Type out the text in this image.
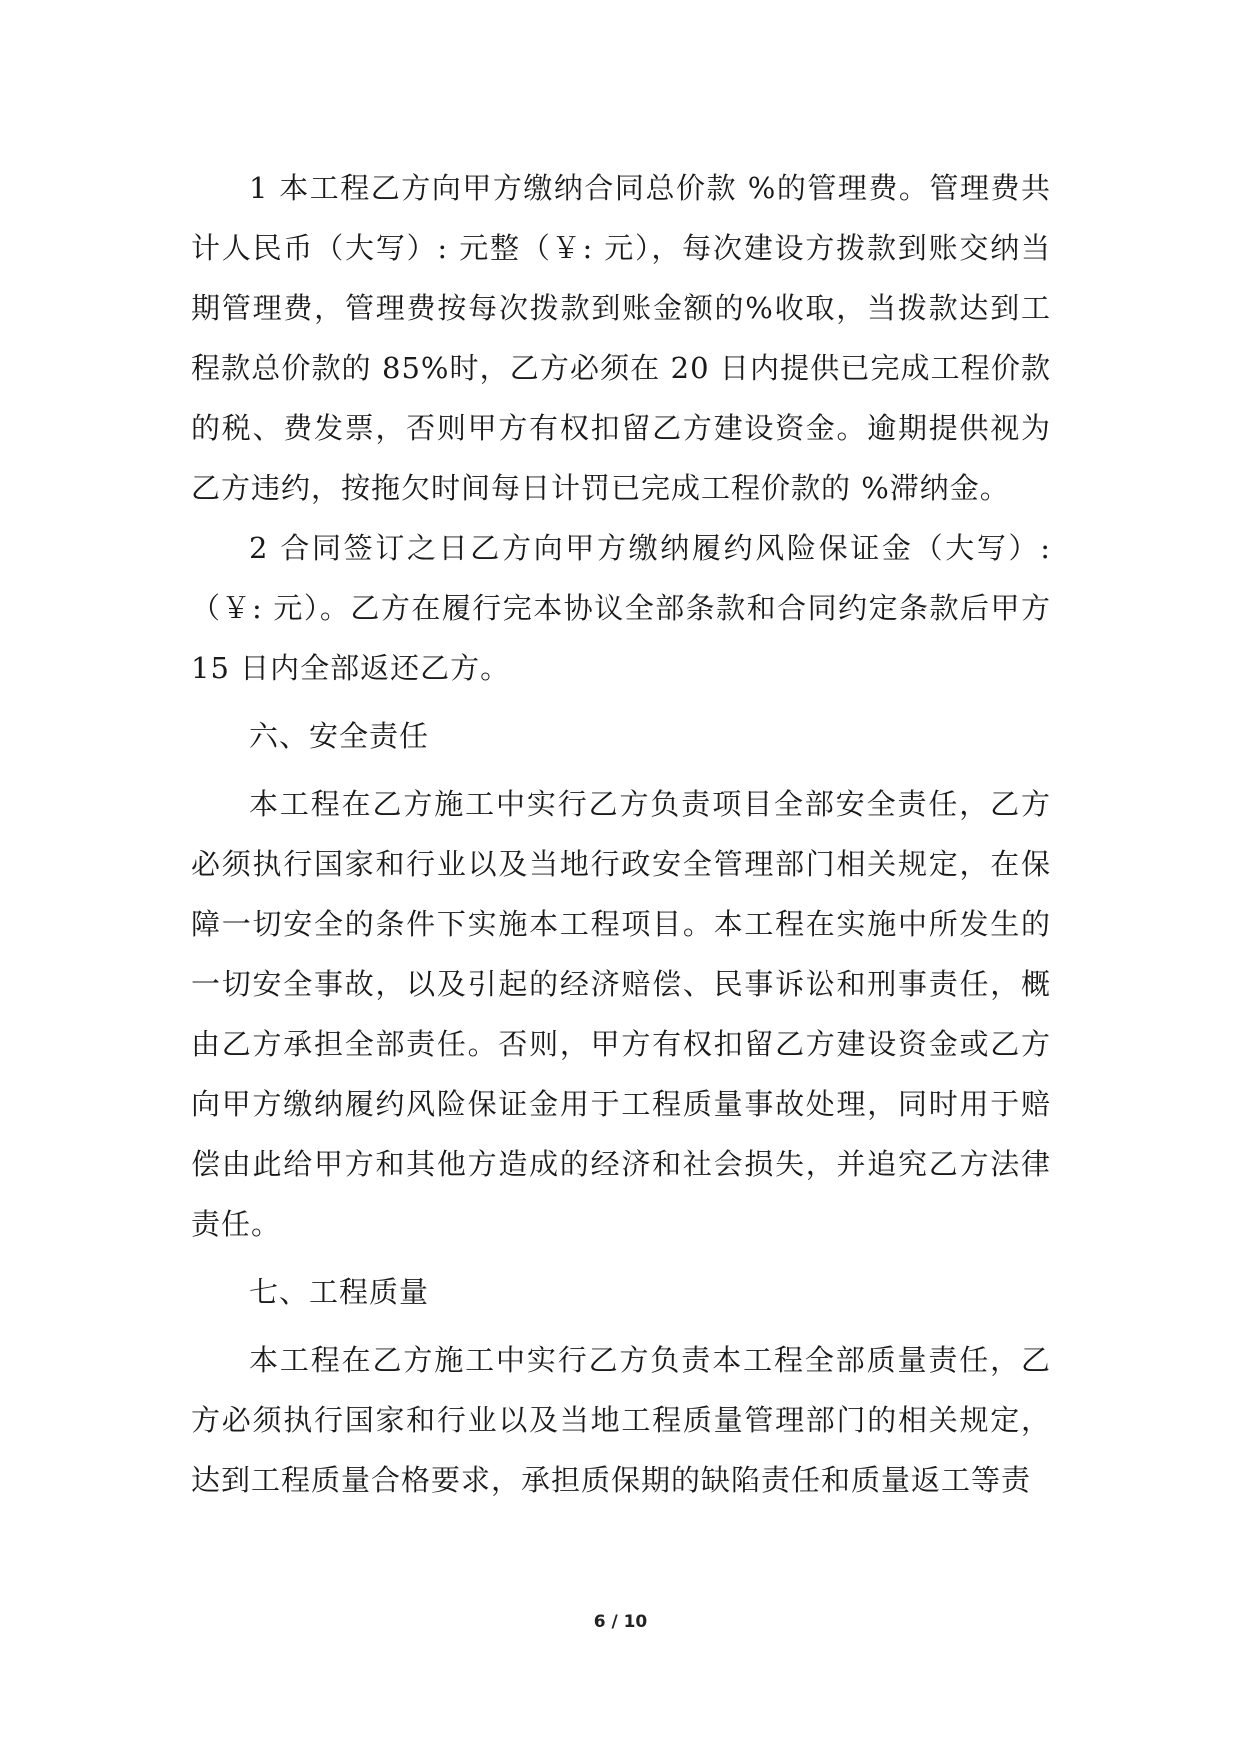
1 本工程乙方向甲方缴纳合同总价款 %的管理费。管理费共计人民币（大写）: 元整（￥: 元），每次建设方拨款到账交纳当期管理费，管理费按每次拨款到账金额的%收取，当拨款达到工程款总价款的 85%时，乙方必须在 20 日内提供已完成工程价款的税、费发票，否则甲方有权扣留乙方建设资金。逾期提供视为乙方违约，按拖欠时间每日计罚已完成工程价款的 %滞纳金。

2 合同签订之日乙方向甲方缴纳履约风险保证金（大写）:（￥: 元）。乙方在履行完本协议全部条款和合同约定条款后甲方 15 日内全部返还乙方。

六、安全责任

本工程在乙方施工中实行乙方负责项目全部安全责任，乙方必须执行国家和行业以及当地行政安全管理部门相关规定，在保障一切安全的条件下实施本工程项目。本工程在实施中所发生的一切安全事故，以及引起的经济赔偿、民事诉讼和刑事责任，概由乙方承担全部责任。否则，甲方有权扣留乙方建设资金或乙方向甲方缴纳履约风险保证金用于工程质量事故处理，同时用于赔偿由此给甲方和其他方造成的经济和社会损失，并追究乙方法律责任。

七、工程质量

本工程在乙方施工中实行乙方负责本工程全部质量责任，乙方必须执行国家和行业以及当地工程质量管理部门的相关规定，达到工程质量合格要求，承担质保期的缺陷责任和质量返工等责

6 / 10
